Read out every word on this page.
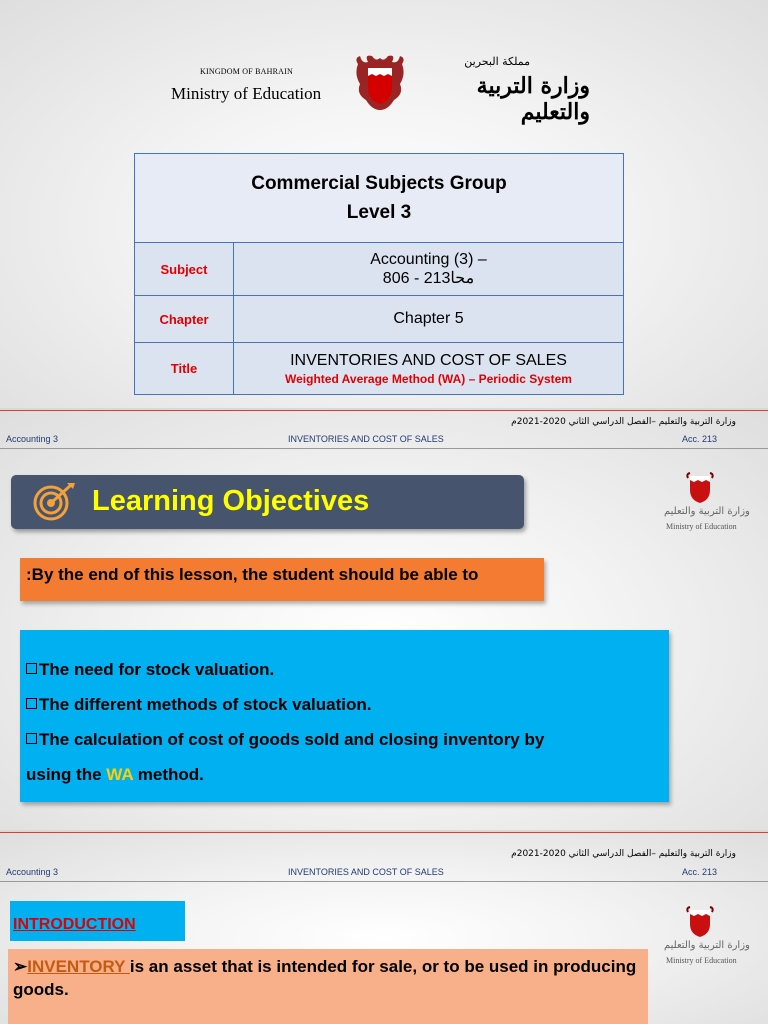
KINGDOM OF BAHRAIN
Ministry of Education
مملكة البحرين
وزارة التربية والتعليم
Commercial Subjects Group
Level 3	

Subject	Accounting (3) –
806 - 213محا

Chapter	Chapter 5
Title	INVENTORIES AND COST OF SALES
Weighted Average Method (WA) – Periodic System
وزارة التربية والتعليم –الفصل الدراسي الثاني 2020-2021م
Accounting 3	INVENTORIES AND COST OF SALES	Acc. 213
Learning Objectives	وزارة التربية والتعليم
Ministry of Education
:By the end of this lesson, the student should be able to
The need for stock valuation.
The different methods of stock valuation.
The calculation of cost of goods sold and closing inventory by
using the WA method.
وزارة التربية والتعليم –الفصل الدراسي الثاني 2020-2021م
Accounting 3	INVENTORIES AND COST OF SALES	Acc. 213
INTRODUCTION
وزارة التربية والتعليم
Ministry of Education
➢INVENTORY is an asset that is intended for sale, or to be used in producing goods.
